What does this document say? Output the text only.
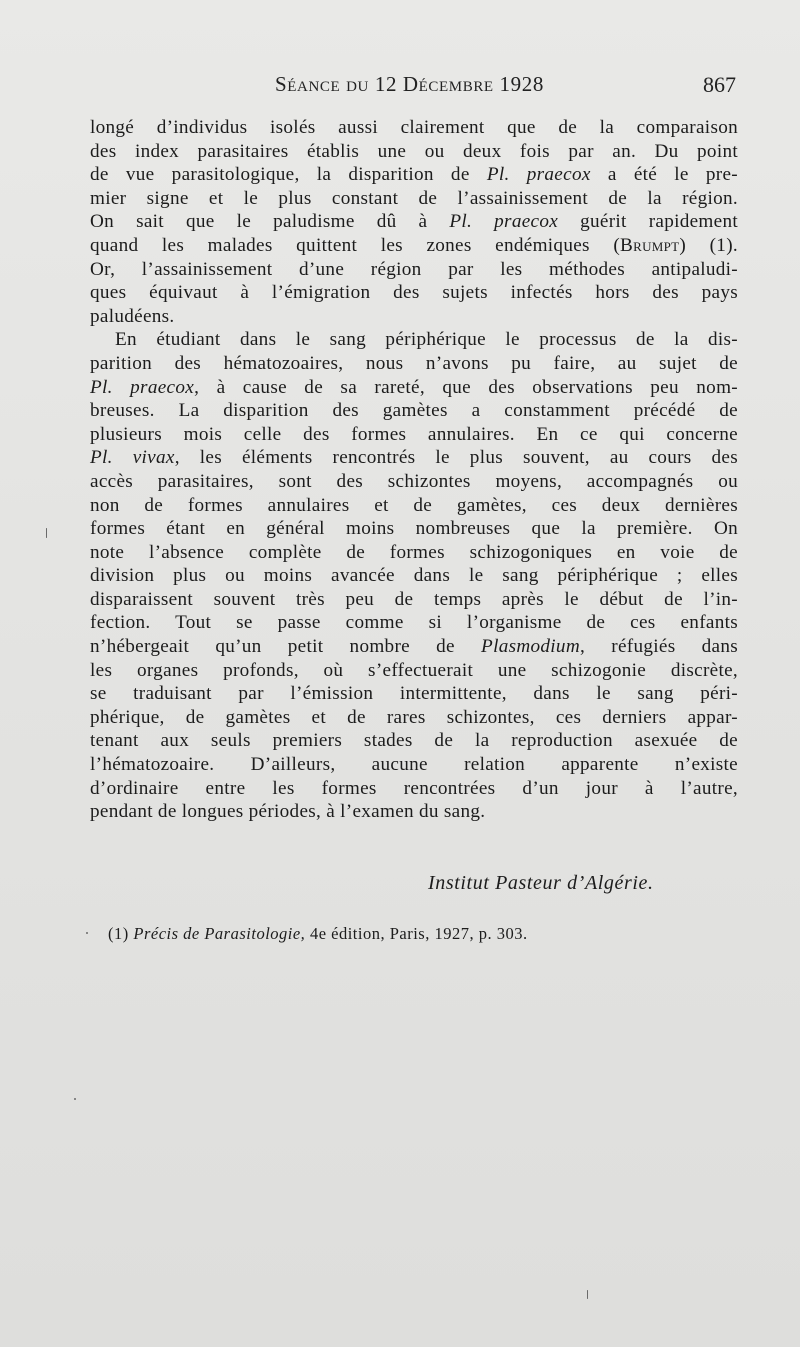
Séance du 12 Décembre 1928	867
longé d’individus isolés aussi clairement que de la comparaison
des index parasitaires établis une ou deux fois par an. Du point
de vue parasitologique, la disparition de Pl. praecox a été le pre-
mier signe et le plus constant de l’assainissement de la région.
On sait que le paludisme dû à Pl. praecox guérit rapidement
quand les malades quittent les zones endémiques (Brumpt) (1).
Or, l’assainissement d’une région par les méthodes antipaludi-
ques équivaut à l’émigration des sujets infectés hors des pays
paludéens.
En étudiant dans le sang périphérique le processus de la dis-
parition des hématozoaires, nous n’avons pu faire, au sujet de
Pl. praecox, à cause de sa rareté, que des observations peu nom-
breuses. La disparition des gamètes a constamment précédé de
plusieurs mois celle des formes annulaires. En ce qui concerne
Pl. vivax, les éléments rencontrés le plus souvent, au cours des
accès parasitaires, sont des schizontes moyens, accompagnés ou
non de formes annulaires et de gamètes, ces deux dernières
formes étant en général moins nombreuses que la première. On
note l’absence complète de formes schizogoniques en voie de
division plus ou moins avancée dans le sang périphérique ; elles
disparaissent souvent très peu de temps après le début de l’in-
fection. Tout se passe comme si l’organisme de ces enfants
n’hébergeait qu’un petit nombre de Plasmodium, réfugiés dans
les organes profonds, où s’effectuerait une schizogonie discrète,
se traduisant par l’émission intermittente, dans le sang péri-
phérique, de gamètes et de rares schizontes, ces derniers appar-
tenant aux seuls premiers stades de la reproduction asexuée de
l’hématozoaire. D’ailleurs, aucune relation apparente n’existe
d’ordinaire entre les formes rencontrées d’un jour à l’autre,
pendant de longues périodes, à l’examen du sang.
Institut Pasteur d’Algérie.
(1) Précis de Parasitologie, 4e édition, Paris, 1927, p. 303.
